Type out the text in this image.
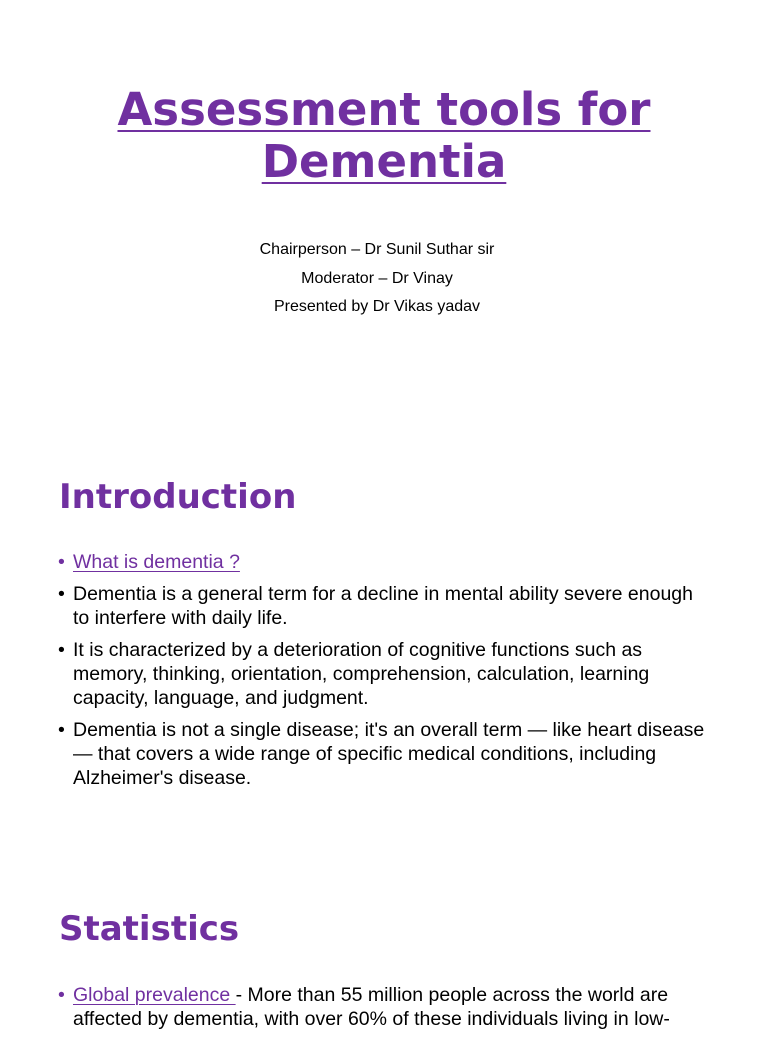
Assessment tools for
Dementia
Chairperson – Dr Sunil Suthar sir
Moderator – Dr Vinay
Presented by Dr Vikas yadav
Introduction
• What is dementia ?
• Dementia is a general term for a decline in mental ability severe enough to interfere with daily life.
• It is characterized by a deterioration of cognitive functions such as memory, thinking, orientation, comprehension, calculation, learning capacity, language, and judgment.
• Dementia is not a single disease; it's an overall term — like heart disease — that covers a wide range of specific medical conditions, including Alzheimer's disease.
Statistics
• Global prevalence - More than 55 million people across the world are affected by dementia, with over 60% of these individuals living in low-
